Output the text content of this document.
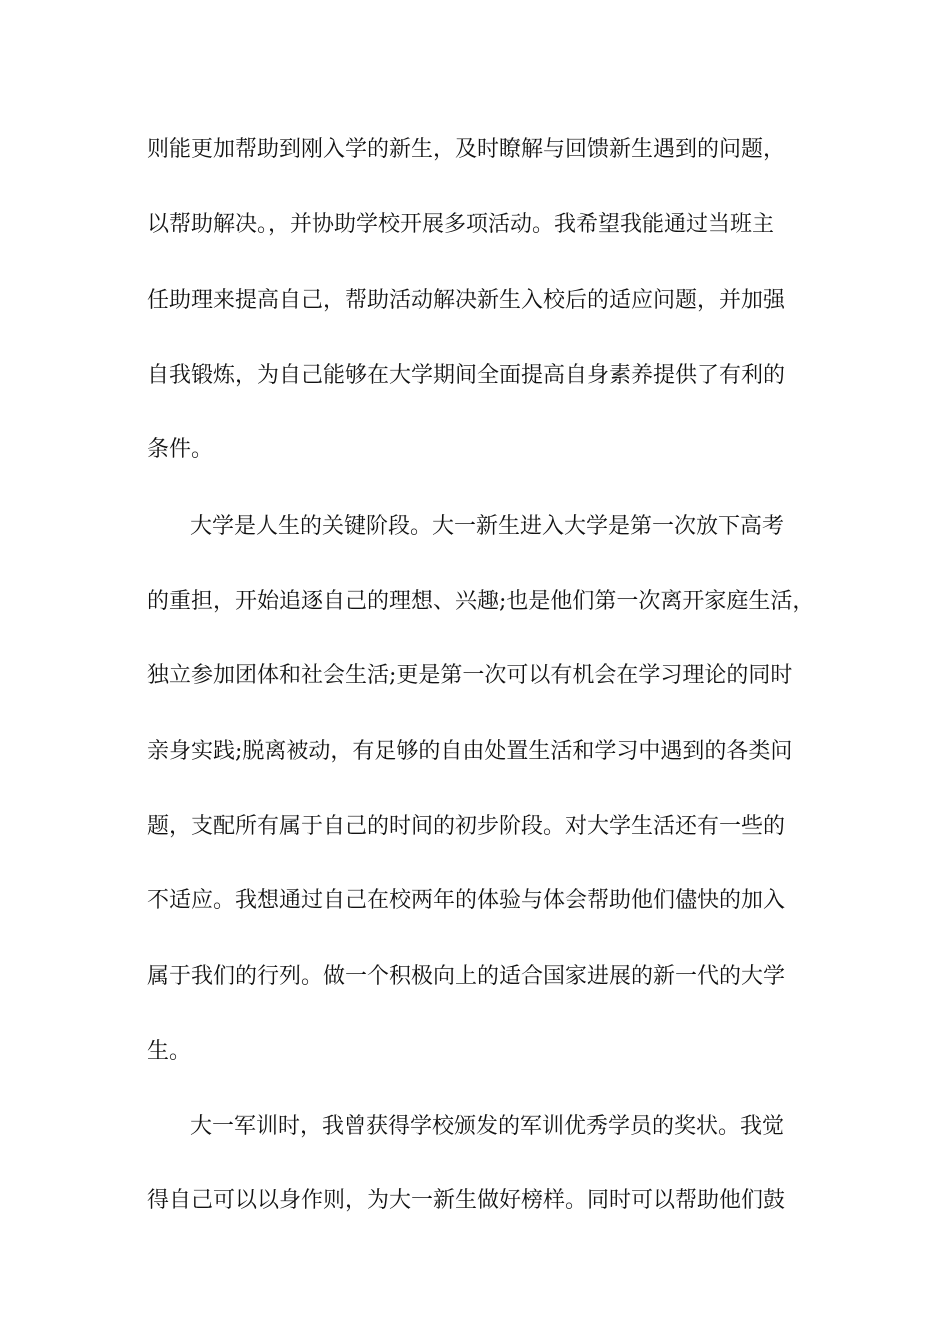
则能更加帮助到刚入学的新生，及时瞭解与回馈新生遇到的问题，
以帮助解决。，并协助学校开展多项活动。我希望我能通过当班主
任助理来提高自己，帮助活动解决新生入校后的适应问题，并加强
自我锻炼，为自己能够在大学期间全面提高自身素养提供了有利的
条件。
大学是人生的关键阶段。大一新生进入大学是第一次放下高考
的重担，开始追逐自己的理想、兴趣;也是他们第一次离开家庭生活，
独立参加团体和社会生活;更是第一次可以有机会在学习理论的同时
亲身实践;脱离被动，有足够的自由处置生活和学习中遇到的各类问
题，支配所有属于自己的时间的初步阶段。对大学生活还有一些的
不适应。我想通过自己在校两年的体验与体会帮助他们儘快的加入
属于我们的行列。做一个积极向上的适合国家进展的新一代的大学
生。
大一军训时，我曾获得学校颁发的军训优秀学员的奖状。我觉
得自己可以以身作则，为大一新生做好榜样。同时可以帮助他们鼓
